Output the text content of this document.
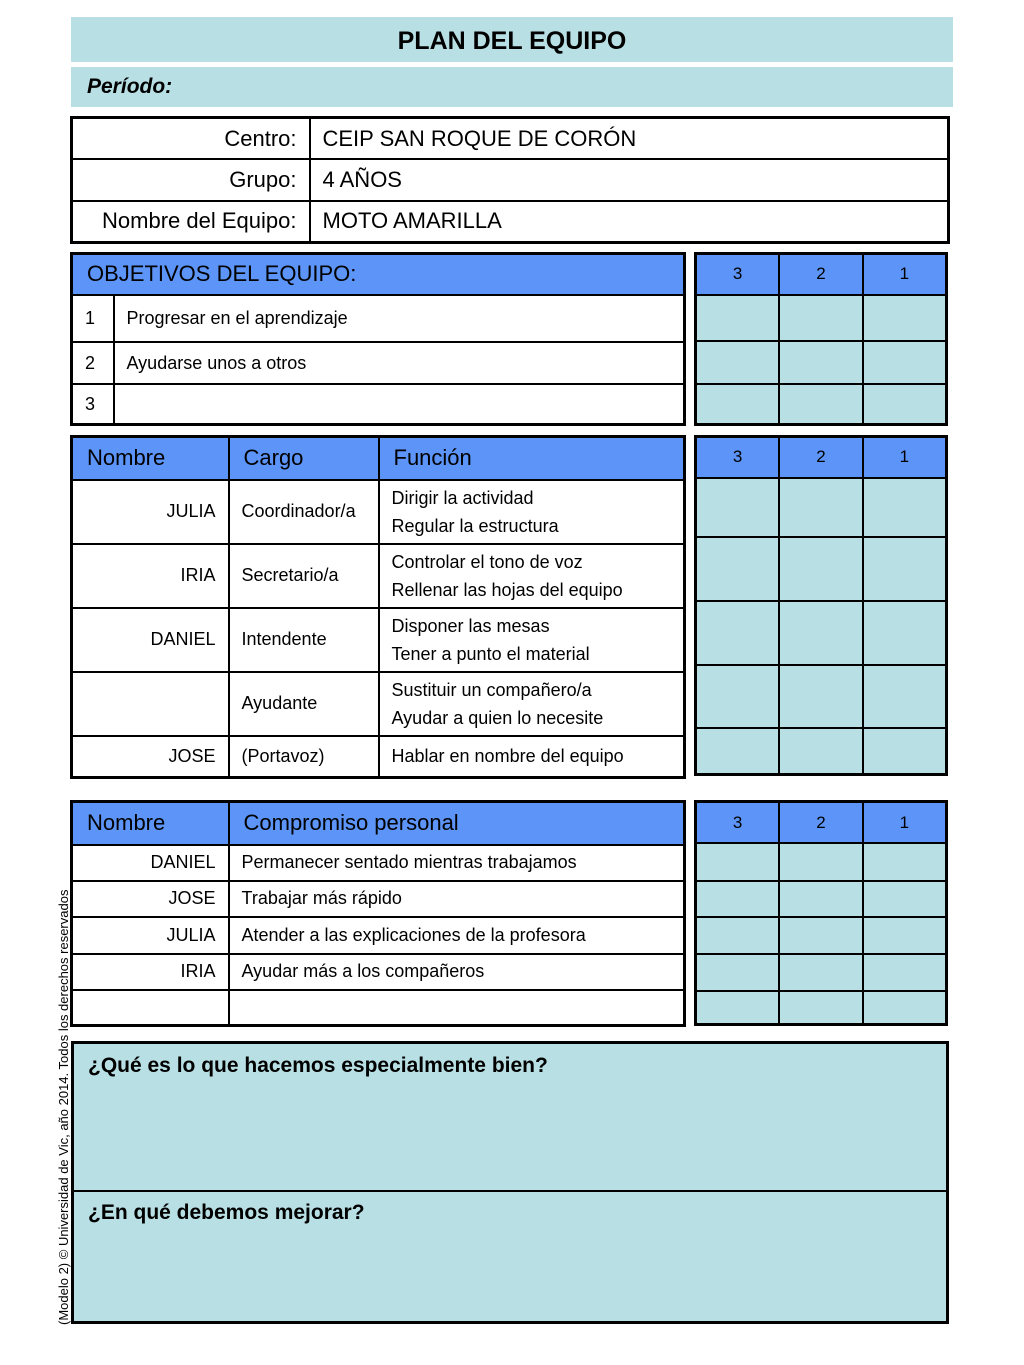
PLAN DEL EQUIPO
Período:
Centro:	CEIP SAN ROQUE DE CORÓN
Grupo:	4 AÑOS
Nombre del Equipo:	MOTO AMARILLA
OBJETIVOS DEL EQUIPO:	
1	Progresar en el aprendizaje
2	Ayudarse unos a otros
3	
3	2	1

Nombre	Cargo	Función
JULIA	Coordinador/a	Dirigir la actividad
Regular la estructura

IRIA	Secretario/a	Controlar el tono de voz
Rellenar las hojas del equipo

DANIEL	Intendente	Disponer las mesas
Tener a punto el material

	Ayudante	Sustituir un compañero/a
Ayudar a quien lo necesite

JOSE	(Portavoz)	Hablar en nombre del equipo
3	2	1

Nombre	Compromiso personal
DANIEL	Permanecer sentado mientras trabajamos
JOSE	Trabajar más rápido
JULIA	Atender a las explicaciones de la profesora
IRIA	Ayudar más a los compañeros

3	2	1

¿Qué es lo que hacemos especialmente bien?
¿En qué debemos mejorar?
(Modelo 2) © Universidad de Vic, año 2014. Todos los derechos reservados
